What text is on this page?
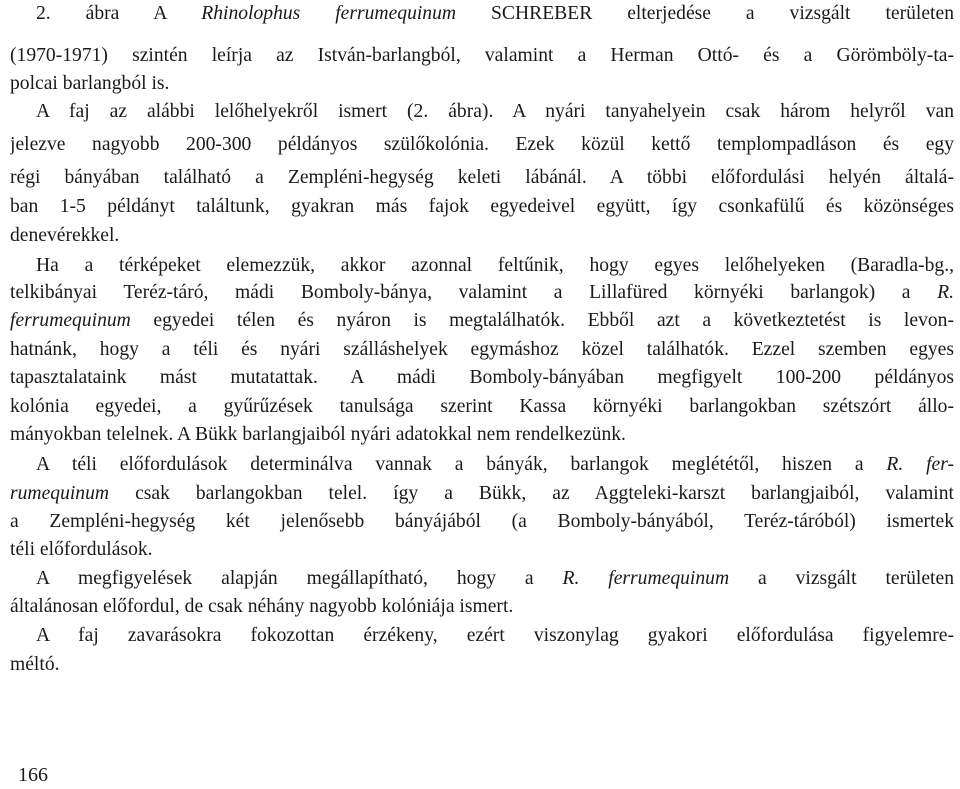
2. ábra A Rhinolophus ferrumequinum SCHREBER elterjedése a vizsgált területen
(1970-1971) szintén leírja az István-barlangból, valamint a Herman Ottó- és a Görömböly-ta-
polcai barlangból is.
A faj az alábbi lelőhelyekről ismert (2. ábra). A nyári tanyahelyein csak három helyről van
jelezve nagyobb 200-300 példányos szülőkolónia. Ezek közül kettő templompadláson és egy
régi bányában található a Zempléni-hegység keleti lábánál. A többi előfordulási helyén általá-
ban 1-5 példányt találtunk, gyakran más fajok egyedeivel együtt, így csonkafülű és közönséges
denevérekkel.
Ha a térképeket elemezzük, akkor azonnal feltűnik, hogy egyes lelőhelyeken (Baradla-bg.,
telkibányai Teréz-táró, mádi Bomboly-bánya, valamint a Lillafüred környéki barlangok) a R.
ferrumequinum egyedei télen és nyáron is megtalálhatók. Ebből azt a következtetést is levon-
hatnánk, hogy a téli és nyári szálláshelyek egymáshoz közel találhatók. Ezzel szemben egyes
tapasztalataink mást mutatattak. A mádi Bomboly-bányában megfigyelt 100-200 példányos
kolónia egyedei, a gyűrűzések tanulsága szerint Kassa környéki barlangokban szétszórt állo-
mányokban telelnek. A Bükk barlangjaiból nyári adatokkal nem rendelkezünk.
A téli előfordulások determinálva vannak a bányák, barlangok meglététől, hiszen a R. fer-
rumequinum csak barlangokban telel. így a Bükk, az Aggteleki-karszt barlangjaiból, valamint
a Zempléni-hegység két jelenősebb bányájából (a Bomboly-bányából, Teréz-táróból) ismertek
téli előfordulások.
A megfigyelések alapján megállapítható, hogy a R. ferrumequinum a vizsgált területen
általánosan előfordul, de csak néhány nagyobb kolóniája ismert.
A faj zavarásokra fokozottan érzékeny, ezért viszonylag gyakori előfordulása figyelemre-
méltó.
166
